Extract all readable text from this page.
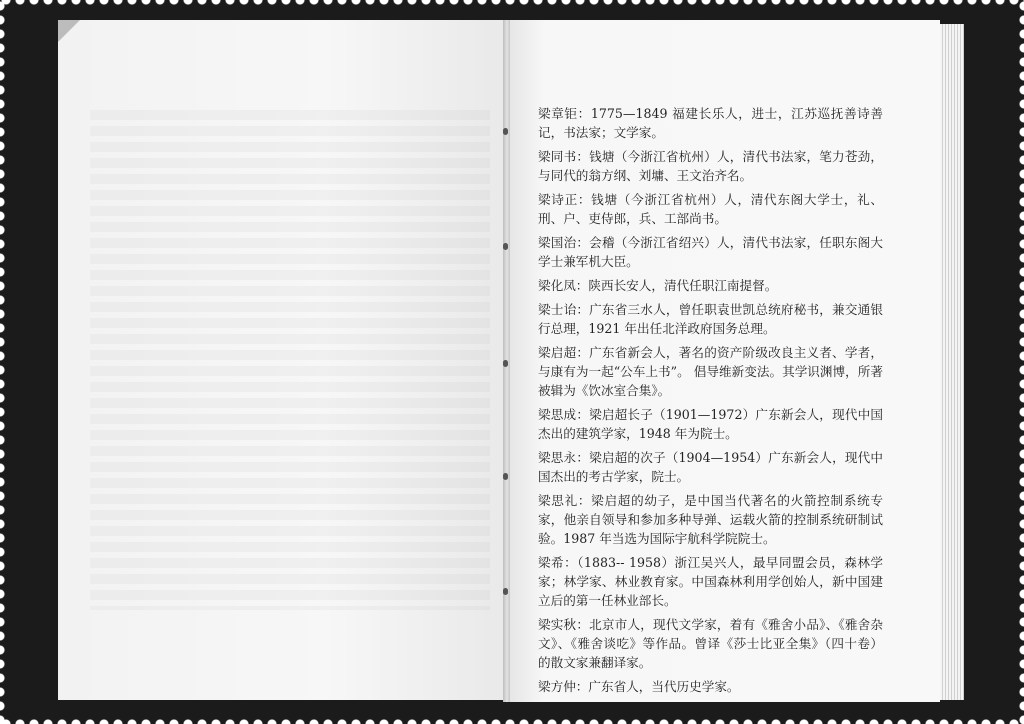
梁章钜：1775—1849 福建长乐人，进士，江苏巡抚善诗善记，书法家；文学家。

梁同书：钱塘（今浙江省杭州）人，清代书法家，笔力苍劲，与同代的翁方纲、刘墉、王文治齐名。

梁诗正：钱塘（今浙江省杭州）人，清代东阁大学士，礼、刑、户、吏侍郎，兵、工部尚书。

梁国治：会稽（今浙江省绍兴）人，清代书法家，任职东阁大学士兼军机大臣。

梁化凤：陕西长安人，清代任职江南提督。

梁士诒：广东省三水人，曾任职袁世凯总统府秘书，兼交通银行总理，1921 年出任北洋政府国务总理。

梁启超：广东省新会人，著名的资产阶级改良主义者、学者，与康有为一起“公车上书”。 倡导维新变法。其学识渊博，所著被辑为《饮冰室合集》。

梁思成：梁启超长子（1901—1972）广东新会人，现代中国杰出的建筑学家，1948 年为院士。

梁思永：梁启超的次子（1904—1954）广东新会人，现代中国杰出的考古学家，院士。

梁思礼：梁启超的幼子，是中国当代著名的火箭控制系统专家，他亲自领导和参加多种导弹、运载火箭的控制系统研制试验。1987 年当选为国际宇航科学院院士。

梁希：（1883-- 1958）浙江吴兴人，最早同盟会员，森林学家；林学家、林业教育家。中国森林利用学创始人，新中国建立后的第一任林业部长。

梁实秋：北京市人，现代文学家，着有《雅舍小品》、《雅舍杂文》、《雅舍谈吃》等作品。曾译《莎士比亚全集》（四十卷）的散文家兼翻译家。

梁方仲：广东省人，当代历史学家。
